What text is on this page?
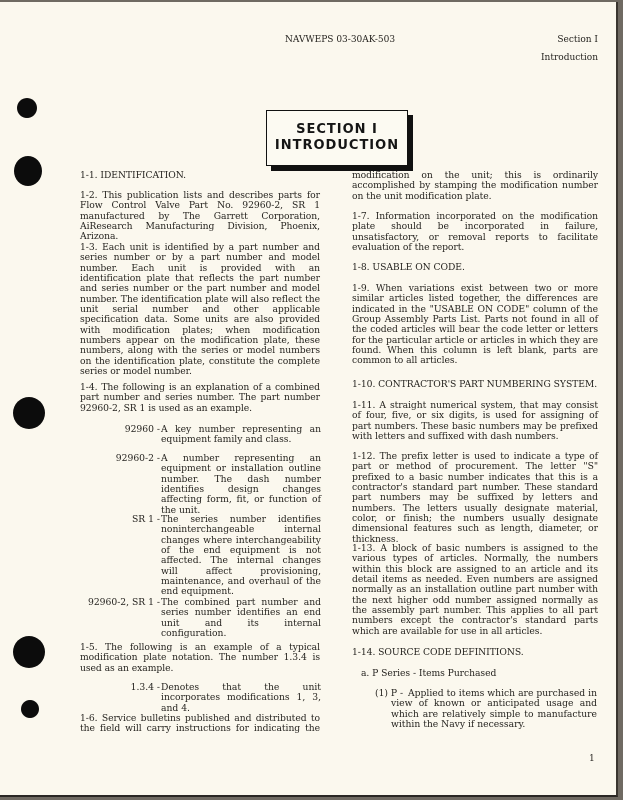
NAVWEPS 03-30AK-503	Section I
Introduction
SECTION I
INTRODUCTION
1-1. IDENTIFICATION.
1-2. This publication lists and describes parts for Flow Control Valve Part No. 92960-2, SR 1 manufactured by The Garrett Corporation, AiResearch Manufacturing Division, Phoenix, Arizona.
1-3. Each unit is identified by a part number and series number or by a part number and model number. Each unit is provided with an identification plate that reflects the part number and series number or the part number and model number. The identification plate will also reflect the unit serial number and other applicable specification data. Some units are also provided with modification plates; when modification numbers appear on the modification plate, these numbers, along with the series or model numbers on the identification plate, constitute the complete series or model number.
1-4. The following is an explanation of a combined part number and series number. The part number 92960-2, SR 1 is used as an example.
92960 - A key number representing an equipment family and class.
92960-2 - A number representing an equipment or installation outline number. The dash number identifies design changes affecting form, fit, or function of the unit.
SR 1 - The series number identifies noninterchangeable internal changes where interchangeability of the end equipment is not affected. The internal changes will affect provisioning, maintenance, and overhaul of the end equipment.
92960-2, SR 1 - The combined part number and series number identifies an end unit and its internal configuration.
1-5. The following is an example of a typical modification plate notation. The number 1.3.4 is used as an example.
1.3.4 - Denotes that the unit incorporates modifications 1, 3, and 4.
1-6. Service bulletins published and distributed to the field will carry instructions for indicating the
modification on the unit; this is ordinarily accomplished by stamping the modification number on the unit modification plate.
1-7. Information incorporated on the modification plate should be incorporated in failure, unsatisfactory, or removal reports to facilitate evaluation of the report.
1-8. USABLE ON CODE.
1-9. When variations exist between two or more similar articles listed together, the differences are indicated in the "USABLE ON CODE" column of the Group Assembly Parts List. Parts not found in all of the coded articles will bear the code letter or letters for the particular article or articles in which they are found. When this column is left blank, parts are common to all articles.
1-10. CONTRACTOR'S PART NUMBERING SYSTEM.
1-11. A straight numerical system, that may consist of four, five, or six digits, is used for assigning of part numbers. These basic numbers may be prefixed with letters and suffixed with dash numbers.
1-12. The prefix letter is used to indicate a type of part or method of procurement. The letter "S" prefixed to a basic number indicates that this is a contractor's standard part number. These standard part numbers may be suffixed by letters and numbers. The letters usually designate material, color, or finish; the numbers usually designate dimensional features such as length, diameter, or thickness.
1-13. A block of basic numbers is assigned to the various types of articles. Normally, the numbers within this block are assigned to an article and its detail items as needed. Even numbers are assigned normally as an installation outline part number with the next higher odd number assigned normally as the assembly part number. This applies to all part numbers except the contractor's standard parts which are available for use in all articles.
1-14. SOURCE CODE DEFINITIONS.
a. P Series - Items Purchased
(1) P - Applied to items which are purchased in view of known or anticipated usage and which are relatively simple to manufacture within the Navy if necessary.
1
